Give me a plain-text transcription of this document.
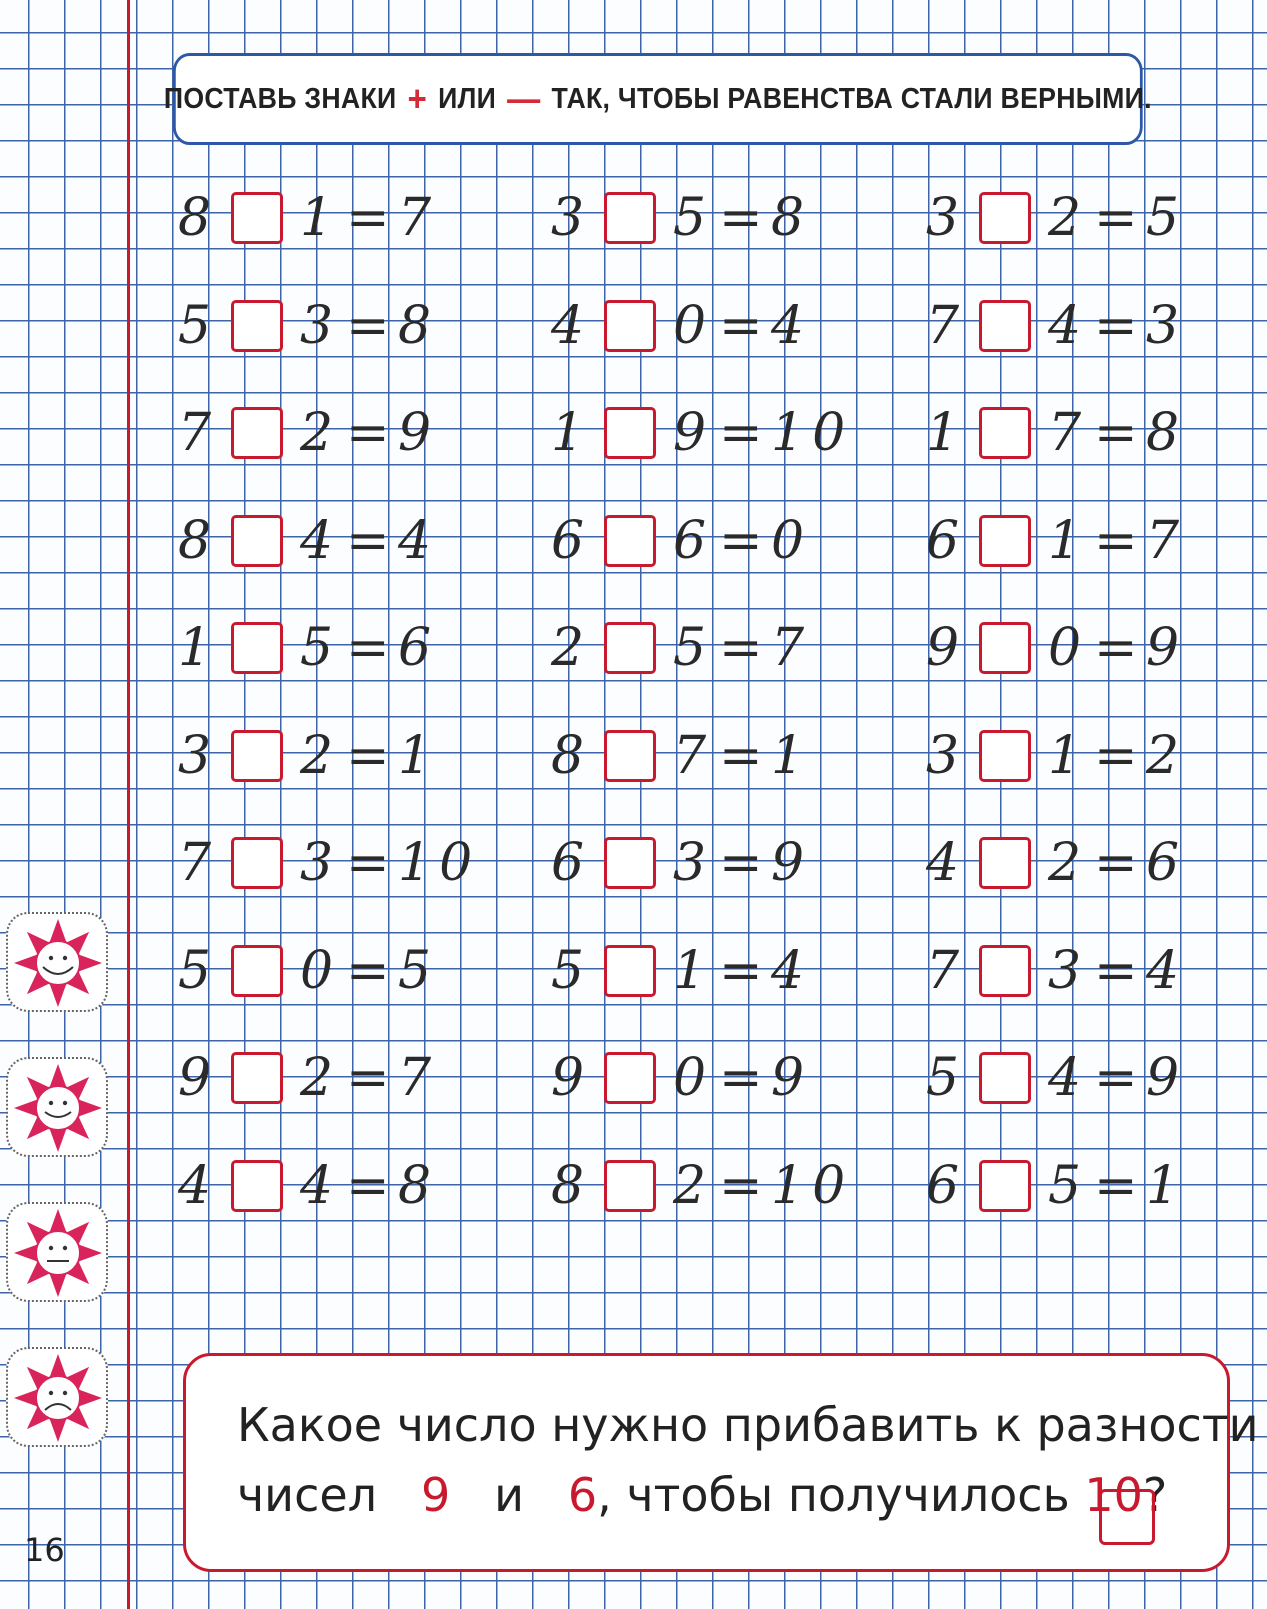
ПОСТАВЬ ЗНАКИ + ИЛИ — ТАК, ЧТОБЫ РАВЕНСТВА СТАЛИ ВЕРНЫМИ.
8 1 = 7 3 5 = 8 3 2 = 5
5 3 = 8 4 0 = 4 7 4 = 3
7 2 = 9 1 9 = 10 1 7 = 8
8 4 = 4 6 6 = 0 6 1 = 7
1 5 = 6 2 5 = 7 9 0 = 9
3 2 = 1 8 7 = 1 3 1 = 2
7 3 = 10 6 3 = 9 4 2 = 6
5 0 = 5 5 1 = 4 7 3 = 4
9 2 = 7 9 0 = 9 5 4 = 9
4 4 = 8 8 2 = 10 6 5 = 1
Какое число нужно прибавить к разности
чисел 9 и 6, чтобы получилось 10?
16
